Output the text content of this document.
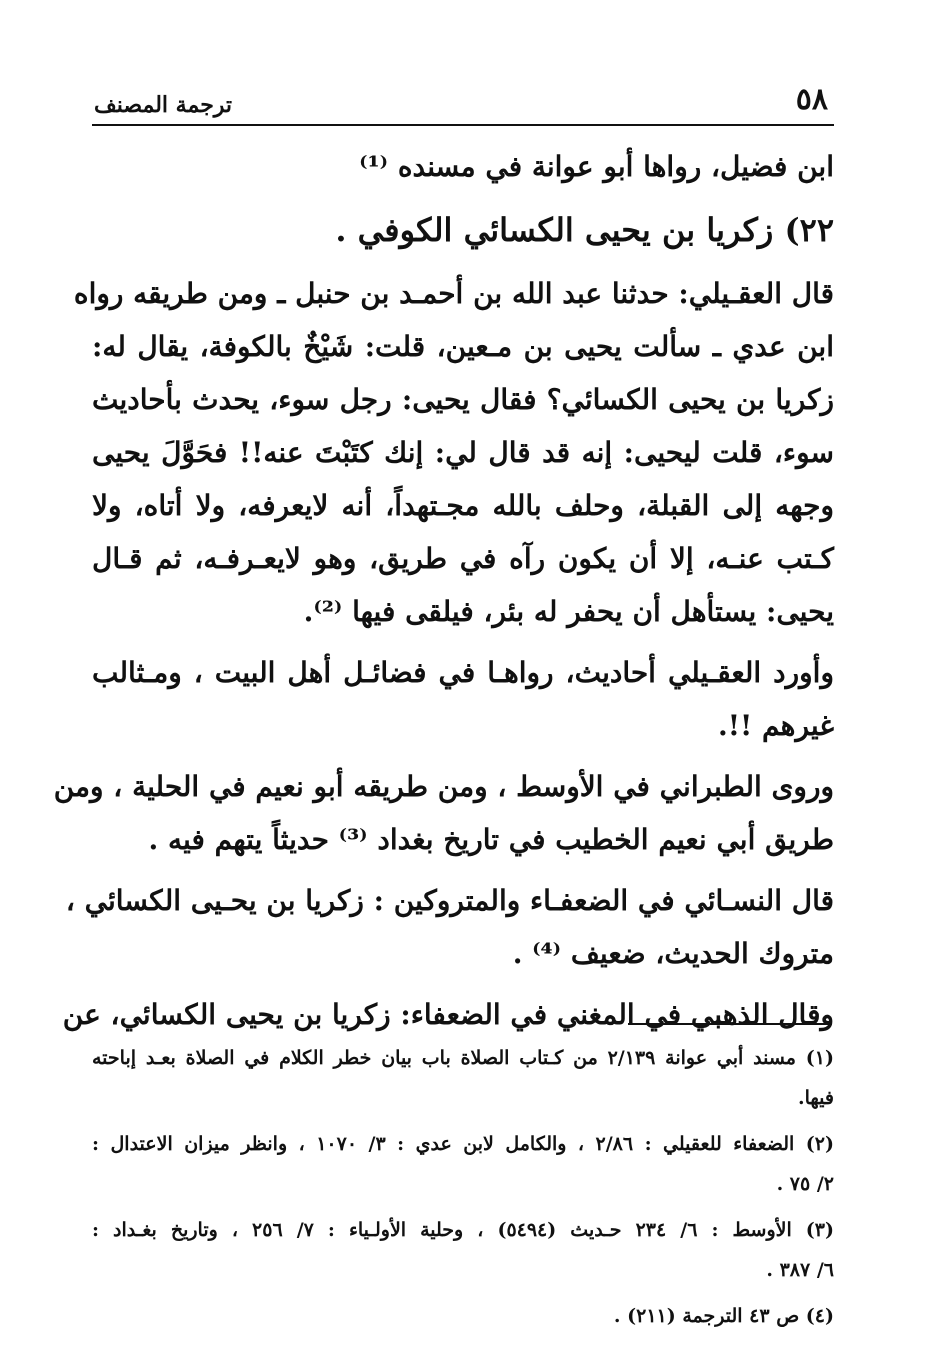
٥٨
ترجمة المصنف
ابن فضيل، رواها أبو عوانة في مسنده ⁽¹⁾
٢٢) زكريا بن يحيى الكسائي الكوفي .
قال العقـيلي: حدثنا عبد الله بن أحمـد بن حنبل ـ ومن طريقه رواه
ابن عدي ـ سألت يحيى بن مـعين، قلت: شَيْخٌ بالكوفة، يقال له:
زكريا بن يحيى الكسائي؟ فقال يحيى: رجل سوء، يحدث بأحاديث
سوء، قلت ليحيى: إنه قد قال لي: إنك كتَبْتَ عنه!! فحَوَّلَ يحيى
وجهه إلى القبلة، وحلف بالله مجـتهداً، أنه لايعرفه، ولا أتاه، ولا
كـتب عنـه، إلا أن يكون رآه في طريق، وهو لايعـرفـه، ثم قـال
يحيى: يستأهل أن يحفر له بئر، فيلقى فيها ⁽²⁾.
وأورد العقـيلي أحاديث، رواهـا في فضائـل أهل البيت ، ومـثالب
غيرهم !!.
وروى الطبراني في الأوسط ، ومن طريقه أبو نعيم في الحلية ، ومن
طريق أبي نعيم الخطيب في تاريخ بغداد ⁽³⁾ حديثاً يتهم فيه .
قال النسـائي في الضعفـاء والمتروكين : زكريا بن يحـيى الكسائي ،
متروك الحديث، ضعيف ⁽⁴⁾ .
وقال الذهبي في المغني في الضعفاء: زكريا بن يحيى الكسائي، عن
(١) مسند أبي عوانة ٢/١٣٩ من كـتاب الصلاة باب بيان خطر الكلام في الصلاة بعـد إباحته
فيها.
(٢) الضعفاء للعقيلي : ٢/٨٦ ، والكامل لابن عدي : ٣/ ١٠٧٠ ، وانظر ميزان الاعتدال :
٢/ ٧٥ .
(٣) الأوسط : ٦/ ٢٣٤ حـديث (٥٤٩٤) ، وحلية الأولـياء : ٧/ ٢٥٦ ، وتاريخ بغـداد :
٦/ ٣٨٧ .
(٤) ص ٤٣ الترجمة (٢١١) .
